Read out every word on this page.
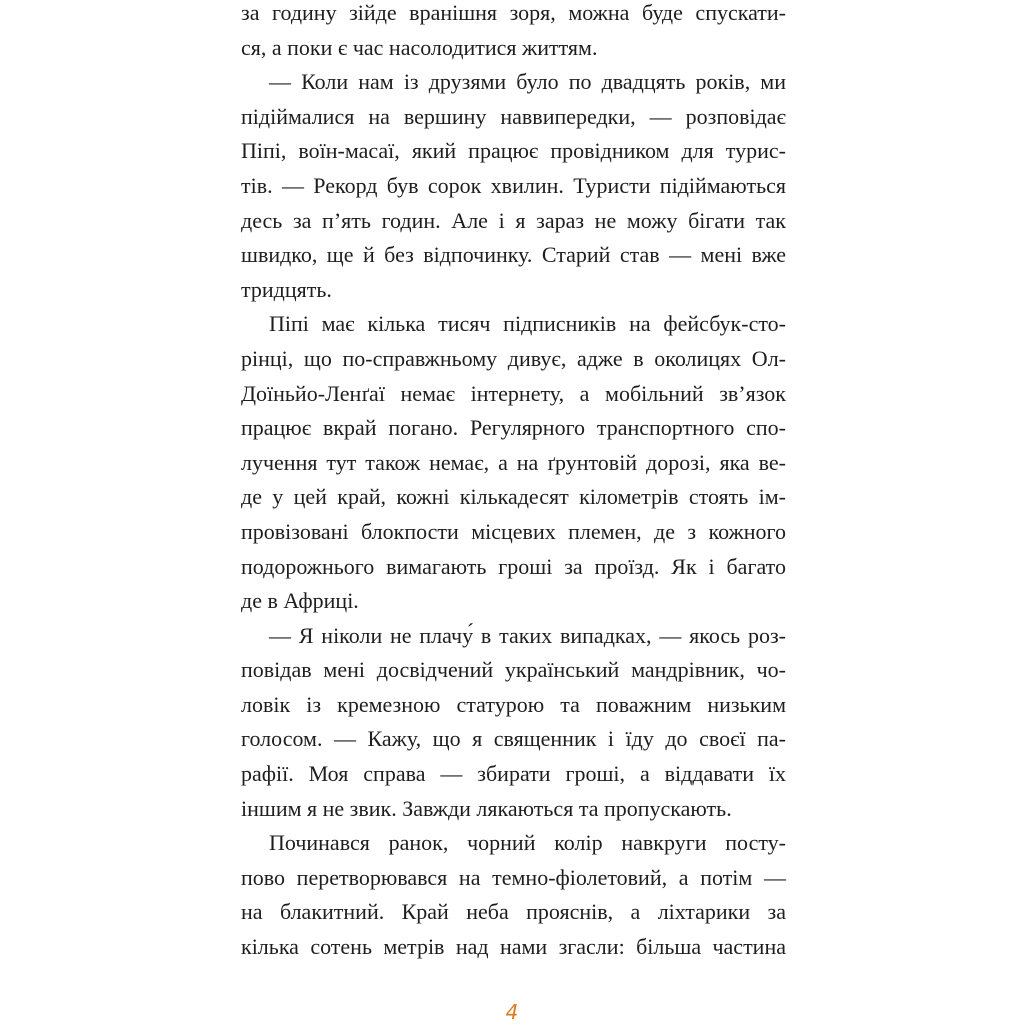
за годину зійде вранішня зоря, можна буде спускати-
ся, а поки є час насолодитися життям.
— Коли нам із друзями було по двадцять років, ми
підіймалися на вершину наввипередки, — розповідає
Піпі, воїн-масаї, який працює провідником для турис-
тів. — Рекорд був сорок хвилин. Туристи підіймаються
десь за п’ять годин. Але і я зараз не можу бігати так
швидко, ще й без відпочинку. Старий став — мені вже
тридцять.
Піпі має кілька тисяч підписників на фейсбук-сто-
рінці, що по-справжньому дивує, адже в околицях Ол-
Доїньйо-Ленґаї немає інтернету, а мобільний зв’язок
працює вкрай погано. Регулярного транспортного спо-
лучення тут також немає, а на ґрунтовій дорозі, яка ве-
де у цей край, кожні кількадесят кілометрів стоять ім-
провізовані блокпости місцевих племен, де з кожного
подорожнього вимагають гроші за проїзд. Як і багато
де в Африці.
— Я ніколи не плачу́ в таких випадках, — якось роз-
повідав мені досвідчений український мандрівник, чо-
ловік із кремезною статурою та поважним низьким
голосом. — Кажу, що я священник і їду до своєї па-
рафії. Моя справа — збирати гроші, а віддавати їх
іншим я не звик. Завжди лякаються та пропускають.
Починався ранок, чорний колір навкруги посту-
пово перетворювався на темно-фіолетовий, а потім —
на блакитний. Край неба прояснів, а ліхтарики за
кілька сотень метрів над нами згасли: більша частина
4
